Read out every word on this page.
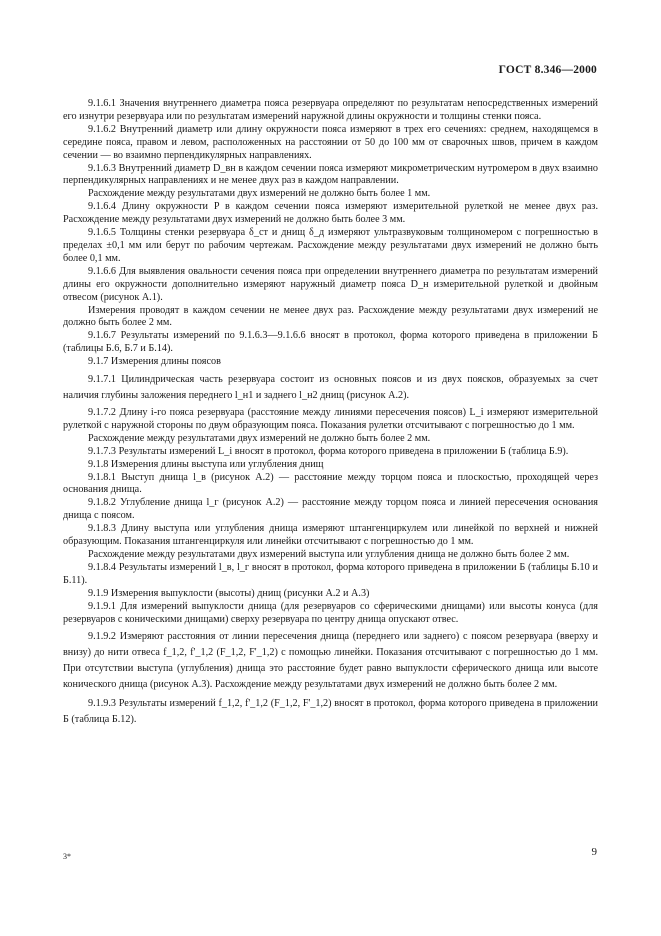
ГОСТ 8.346—2000

9.1.6.1 Значения внутреннего диаметра пояса резервуара определяют по результатам непосредственных измерений его изнутри резервуара или по результатам измерений наружной длины окружности и толщины стенки пояса.

9.1.6.2 Внутренний диаметр или длину окружности пояса измеряют в трех его сечениях: среднем, находящемся в середине пояса, правом и левом, расположенных на расстоянии от 50 до 100 мм от сварочных швов, причем в каждом сечении — во взаимно перпендикулярных направлениях.

9.1.6.3 Внутренний диаметр D_вн в каждом сечении пояса измеряют микрометрическим нутромером в двух взаимно перпендикулярных направлениях и не менее двух раз в каждом направлении.

Расхождение между результатами двух измерений не должно быть более 1 мм.

9.1.6.4 Длину окружности P в каждом сечении пояса измеряют измерительной рулеткой не менее двух раз. Расхождение между результатами двух измерений не должно быть более 3 мм.

9.1.6.5 Толщины стенки резервуара δ_ст и днищ δ_д измеряют ультразвуковым толщиномером с погрешностью в пределах ±0,1 мм или берут по рабочим чертежам. Расхождение между результатами двух измерений не должно быть более 0,1 мм.

9.1.6.6 Для выявления овальности сечения пояса при определении внутреннего диаметра по результатам измерений длины его окружности дополнительно измеряют наружный диаметр пояса D_н измерительной рулеткой и двойным отвесом (рисунок А.1).

Измерения проводят в каждом сечении не менее двух раз. Расхождение между результатами двух измерений не должно быть более 2 мм.

9.1.6.7 Результаты измерений по 9.1.6.3—9.1.6.6 вносят в протокол, форма которого приведена в приложении Б (таблицы Б.6, Б.7 и Б.14).

9.1.7 Измерения длины поясов

9.1.7.1 Цилиндрическая часть резервуара состоит из основных поясов и из двух поясков, образуемых за счет наличия глубины заложения переднего l_н1 и заднего l_н2 днищ (рисунок А.2).

9.1.7.2 Длину i-го пояса резервуара (расстояние между линиями пересечения поясов) L_i измеряют измерительной рулеткой с наружной стороны по двум образующим пояса. Показания рулетки отсчитывают с погрешностью до 1 мм.

Расхождение между результатами двух измерений не должно быть более 2 мм.

9.1.7.3 Результаты измерений L_i вносят в протокол, форма которого приведена в приложении Б (таблица Б.9).

9.1.8 Измерения длины выступа или углубления днищ

9.1.8.1 Выступ днища l_в (рисунок А.2) — расстояние между торцом пояса и плоскостью, проходящей через основания днища.

9.1.8.2 Углубление днища l_г (рисунок А.2) — расстояние между торцом пояса и линией пересечения основания днища с поясом.

9.1.8.3 Длину выступа или углубления днища измеряют штангенциркулем или линейкой по верхней и нижней образующим. Показания штангенциркуля или линейки отсчитывают с погрешностью до 1 мм.

Расхождение между результатами двух измерений выступа или углубления днища не должно быть более 2 мм.

9.1.8.4 Результаты измерений l_в, l_г вносят в протокол, форма которого приведена в приложении Б (таблицы Б.10 и Б.11).

9.1.9 Измерения выпуклости (высоты) днищ (рисунки А.2 и А.3)

9.1.9.1 Для измерений выпуклости днища (для резервуаров со сферическими днищами) или высоты конуса (для резервуаров с коническими днищами) сверху резервуара по центру днища опускают отвес.

9.1.9.2 Измеряют расстояния от линии пересечения днища (переднего или заднего) с поясом резервуара (вверху и внизу) до нити отвеса f_1,2, f'_1,2 (F_1,2, F'_1,2) с помощью линейки. Показания отсчитывают с погрешностью до 1 мм. При отсутствии выступа (углубления) днища это расстояние будет равно выпуклости сферического днища или высоте конического днища (рисунок А.3). Расхождение между результатами двух измерений не должно быть более 2 мм.

9.1.9.3 Результаты измерений f_1,2, f'_1,2 (F_1,2, F'_1,2) вносят в протокол, форма которого приведена в приложении Б (таблица Б.12).

3*	9
